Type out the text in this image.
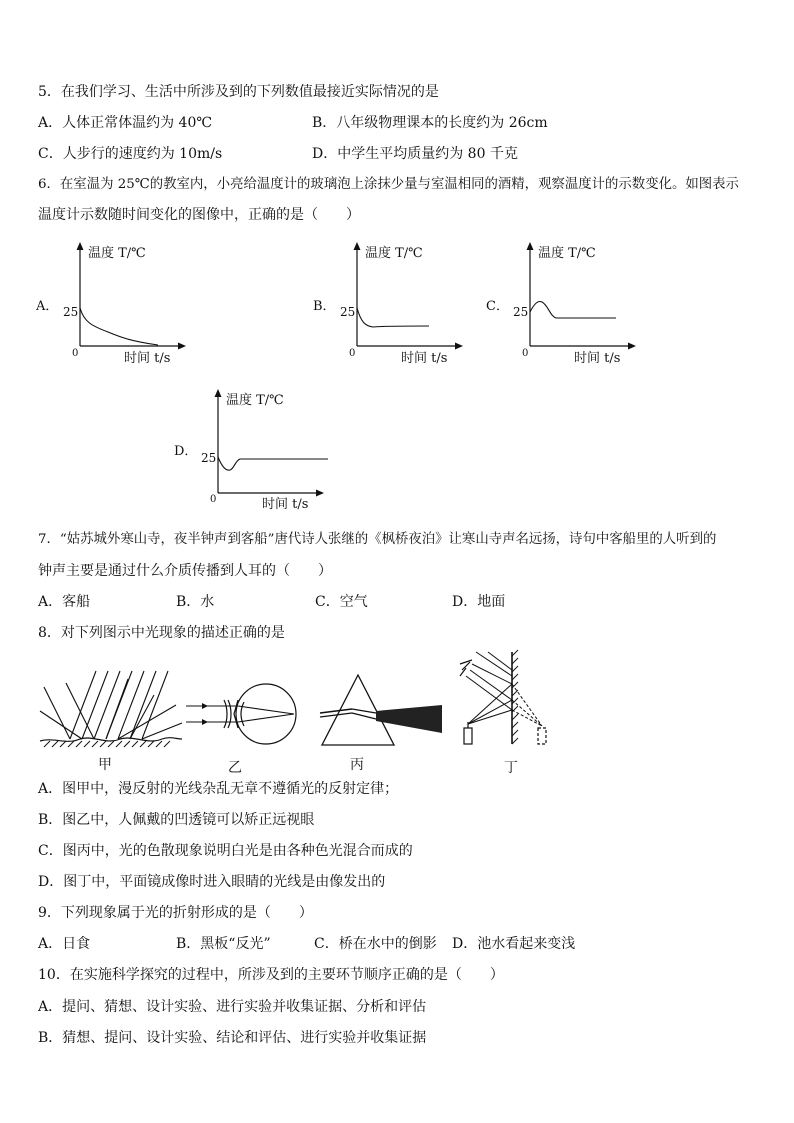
5．在我们学习、生活中所涉及到的下列数值最接近实际情况的是
A．人体正常体温约为 40℃	B．八年级物理课本的长度约为 26cm
C．人步行的速度约为 10m/s	D．中学生平均质量约为 80 千克
6．在室温为 25℃的教室内，小亮给温度计的玻璃泡上涂抹少量与室温相同的酒精，观察温度计的示数变化。如图表示
温度计示数随时间变化的图像中，正确的是（　　）
A．
温度 T/℃
25
0	时间 t/s
B．
温度 T/℃
25
0	时间 t/s
C．
温度 T/℃
25
0	时间 t/s
D．
温度 T/℃
25
0	时间 t/s
7．“姑苏城外寒山寺，夜半钟声到客船”唐代诗人张继的《枫桥夜泊》让寒山寺声名远扬，诗句中客船里的人听到的
钟声主要是通过什么介质传播到人耳的（　　）
A．客船	B．水	C．空气	D．地面
8．对下列图示中光现象的描述正确的是
甲	乙	丙	丁
A．图甲中，漫反射的光线杂乱无章不遵循光的反射定律；
B．图乙中，人佩戴的凹透镜可以矫正远视眼
C．图丙中，光的色散现象说明白光是由各种色光混合而成的
D．图丁中，平面镜成像时进入眼睛的光线是由像发出的
9．下列现象属于光的折射形成的是（　　）
A．日食	B．黑板“反光”	C．桥在水中的倒影 D．池水看起来变浅
10．在实施科学探究的过程中，所涉及到的主要环节顺序正确的是（　　）
A．提问、猜想、设计实验、进行实验并收集证据、分析和评估
B．猜想、提问、设计实验、结论和评估、进行实验并收集证据
